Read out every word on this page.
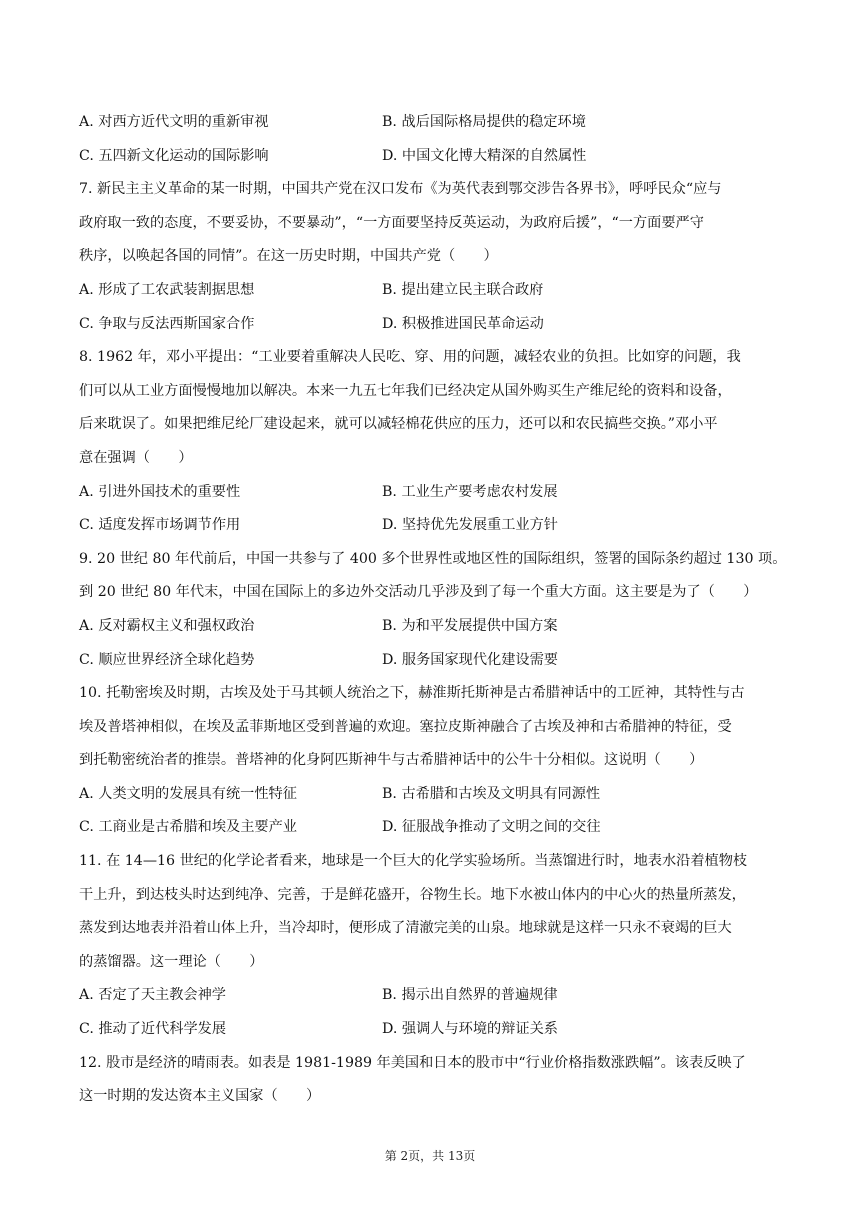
A. 对西方近代文明的重新审视	B. 战后国际格局提供的稳定环境
C. 五四新文化运动的国际影响	D. 中国文化博大精深的自然属性
7. 新民主主义革命的某一时期，中国共产党在汉口发布《为英代表到鄂交涉告各界书》，呼呼民众“应与
政府取一致的态度，不要妥协，不要暴动”，“一方面要坚持反英运动，为政府后援”，“一方面要严守
秩序，以唤起各国的同情”。在这一历史时期，中国共产党（　　）
A. 形成了工农武装割据思想	B. 提出建立民主联合政府
C. 争取与反法西斯国家合作	D. 积极推进国民革命运动
8. 1962 年，邓小平提出：“工业要着重解决人民吃、穿、用的问题，减轻农业的负担。比如穿的问题，我
们可以从工业方面慢慢地加以解决。本来一九五七年我们已经决定从国外购买生产维尼纶的资料和设备，
后来耽误了。如果把维尼纶厂建设起来，就可以减轻棉花供应的压力，还可以和农民搞些交换。”邓小平
意在强调（　　）
A. 引进外国技术的重要性	B. 工业生产要考虑农村发展
C. 适度发挥市场调节作用	D. 坚持优先发展重工业方针
9. 20 世纪 80 年代前后，中国一共参与了 400 多个世界性或地区性的国际组织，签署的国际条约超过 130 项。
到 20 世纪 80 年代末，中国在国际上的多边外交活动几乎涉及到了每一个重大方面。这主要是为了（　　）
A. 反对霸权主义和强权政治	B. 为和平发展提供中国方案
C. 顺应世界经济全球化趋势	D. 服务国家现代化建设需要
10. 托勒密埃及时期，古埃及处于马其顿人统治之下，赫淮斯托斯神是古希腊神话中的工匠神，其特性与古
埃及普塔神相似，在埃及孟菲斯地区受到普遍的欢迎。塞拉皮斯神融合了古埃及神和古希腊神的特征，受
到托勒密统治者的推崇。普塔神的化身阿匹斯神牛与古希腊神话中的公牛十分相似。这说明（　　）
A. 人类文明的发展具有统一性特征	B. 古希腊和古埃及文明具有同源性
C. 工商业是古希腊和埃及主要产业	D. 征服战争推动了文明之间的交往
11. 在 14—16 世纪的化学论者看来，地球是一个巨大的化学实验场所。当蒸馏进行时，地表水沿着植物枝
干上升，到达枝头时达到纯净、完善，于是鲜花盛开，谷物生长。地下水被山体内的中心火的热量所蒸发，
蒸发到达地表并沿着山体上升，当冷却时，便形成了清澈完美的山泉。地球就是这样一只永不衰竭的巨大
的蒸馏器。这一理论（　　）
A. 否定了天主教会神学	B. 揭示出自然界的普遍规律
C. 推动了近代科学发展	D. 强调人与环境的辩证关系
12. 股市是经济的晴雨表。如表是 1981-1989 年美国和日本的股市中“行业价格指数涨跌幅”。该表反映了
这一时期的发达资本主义国家（　　）
第 2页，共 13页
